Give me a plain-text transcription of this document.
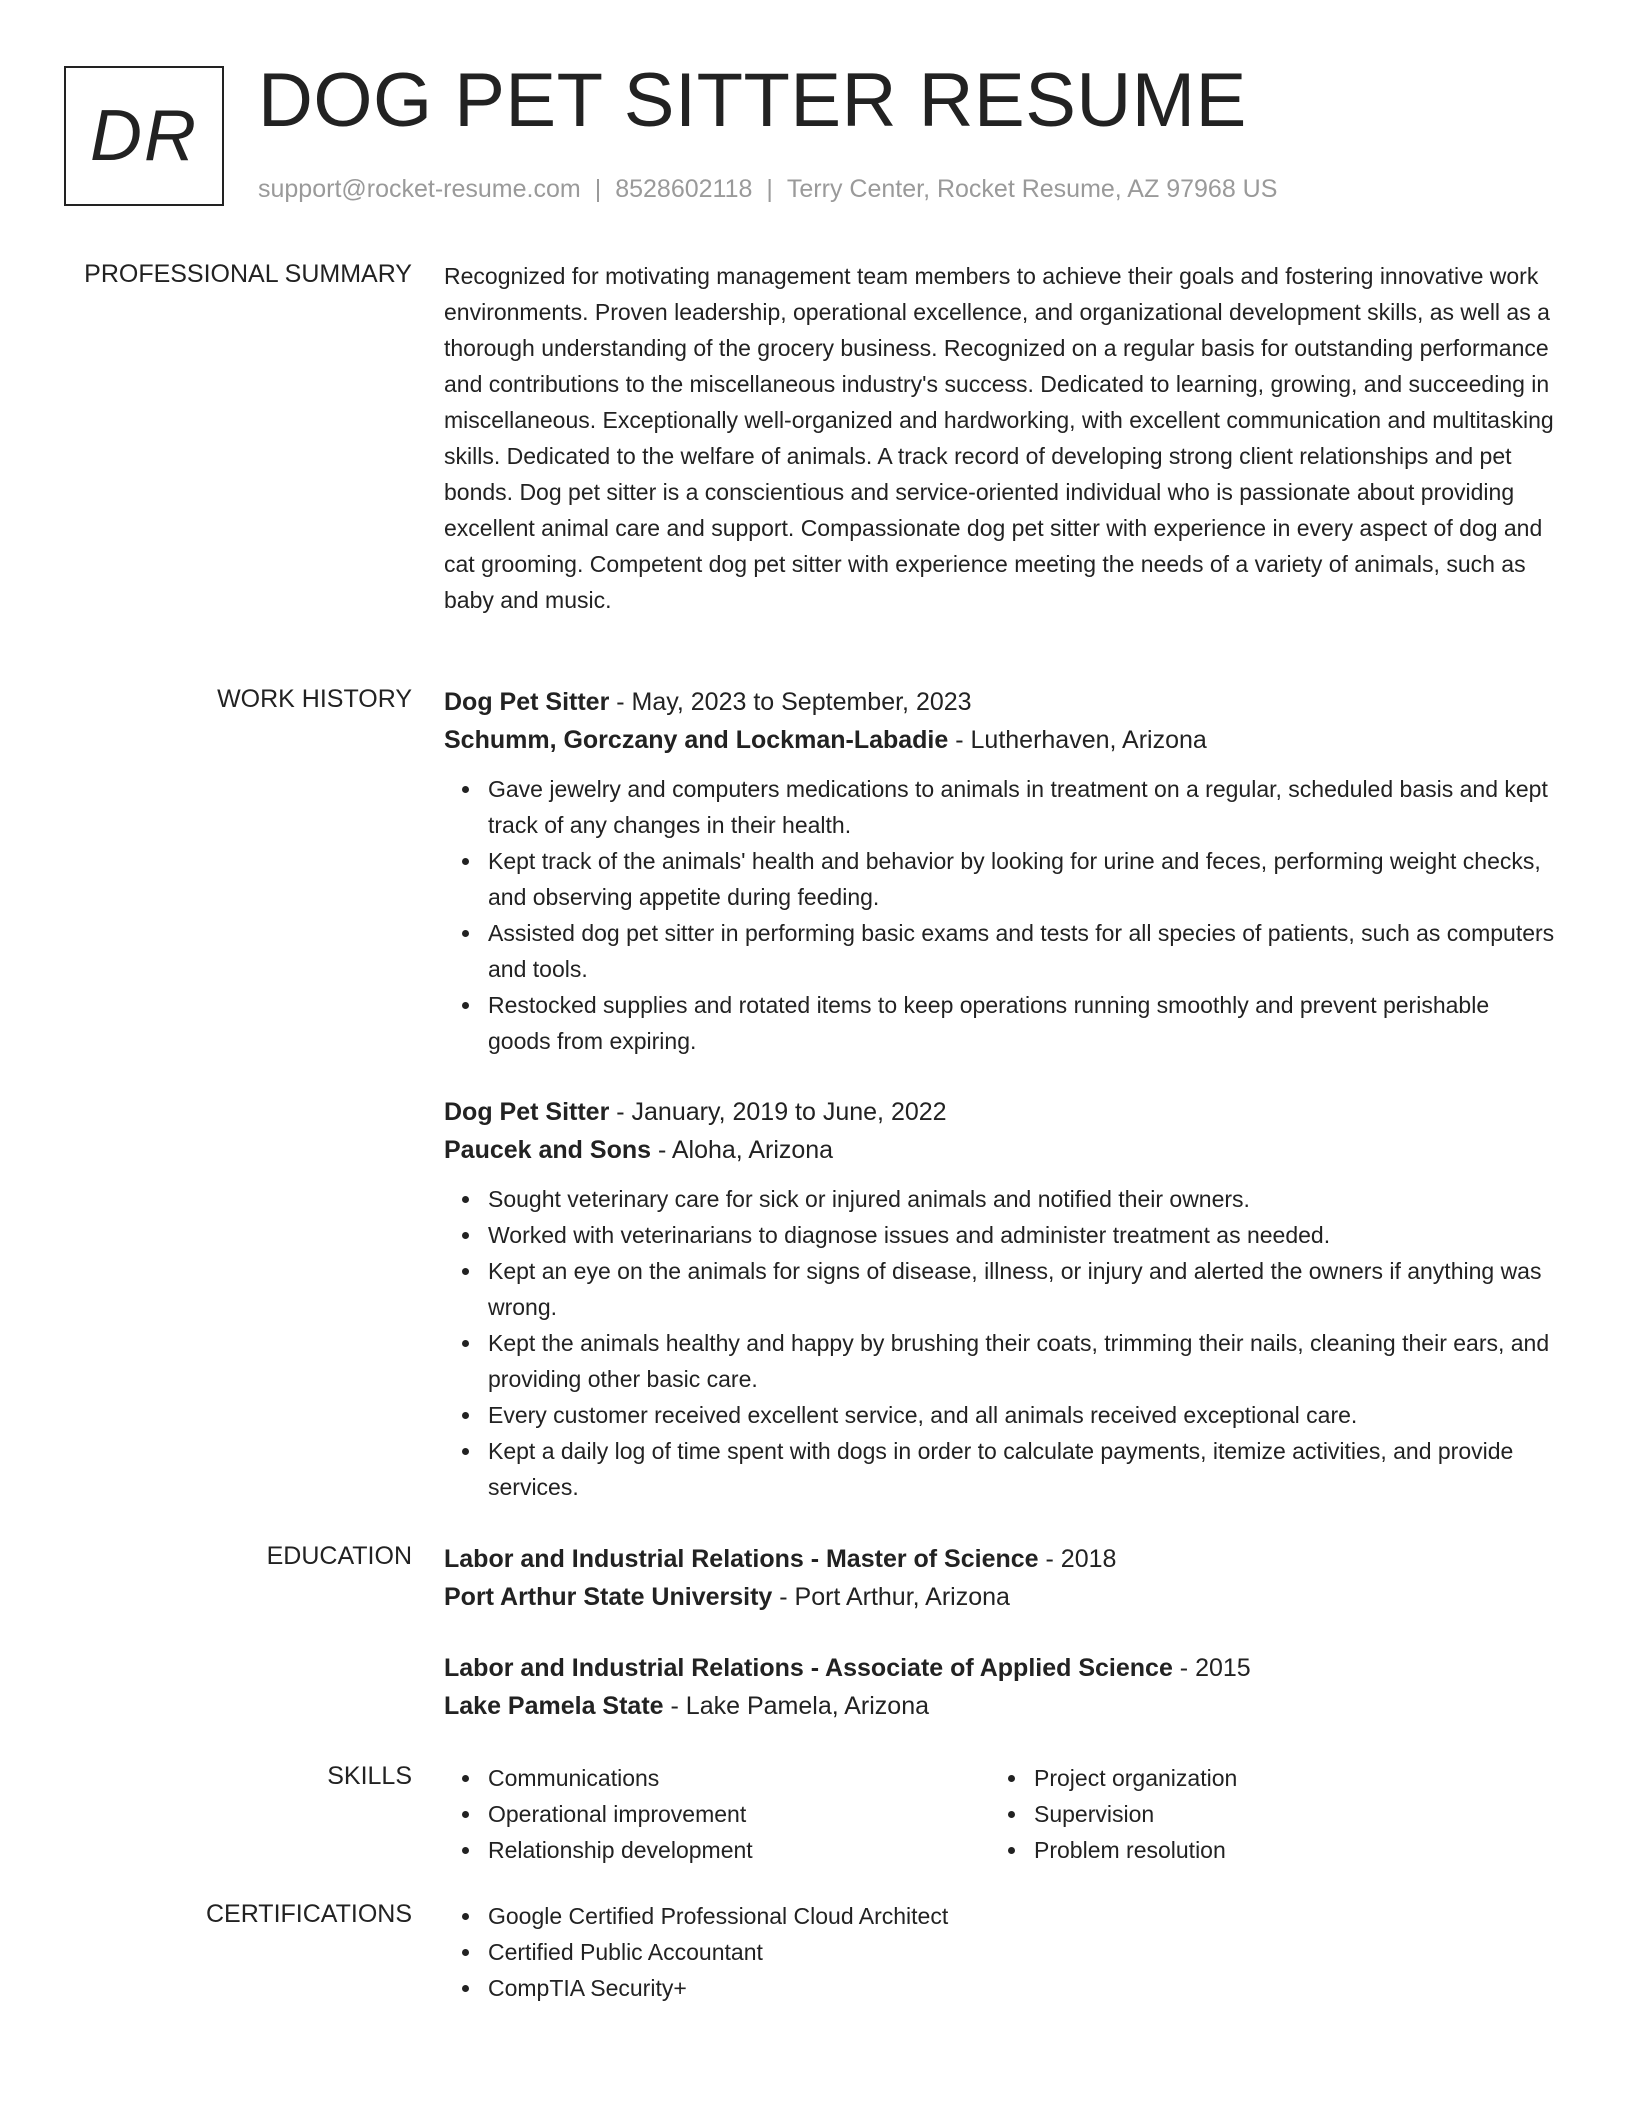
DR DOG PET SITTER RESUME
support@rocket-resume.com | 8528602118 | Terry Center, Rocket Resume, AZ 97968 US
PROFESSIONAL SUMMARY Recognized for motivating management team members to achieve their goals and fostering innovative work environments. Proven leadership, operational excellence, and organizational development skills, as well as a thorough understanding of the grocery business. Recognized on a regular basis for outstanding performance and contributions to the miscellaneous industry's success. Dedicated to learning, growing, and succeeding in miscellaneous. Exceptionally well-organized and hardworking, with excellent communication and multitasking skills. Dedicated to the welfare of animals. A track record of developing strong client relationships and pet bonds. Dog pet sitter is a conscientious and service-oriented individual who is passionate about providing excellent animal care and support. Compassionate dog pet sitter with experience in every aspect of dog and cat grooming. Competent dog pet sitter with experience meeting the needs of a variety of animals, such as baby and music.

WORK HISTORY Dog Pet Sitter - May, 2023 to September, 2023
Schumm, Gorczany and Lockman-Labadie - Lutherhaven, Arizona
Gave jewelry and computers medications to animals in treatment on a regular, scheduled basis and kept track of any changes in their health.
Kept track of the animals' health and behavior by looking for urine and feces, performing weight checks, and observing appetite during feeding.
Assisted dog pet sitter in performing basic exams and tests for all species of patients, such as computers and tools.
Restocked supplies and rotated items to keep operations running smoothly and prevent perishable goods from expiring.
Dog Pet Sitter - January, 2019 to June, 2022
Paucek and Sons - Aloha, Arizona
Sought veterinary care for sick or injured animals and notified their owners.
Worked with veterinarians to diagnose issues and administer treatment as needed.
Kept an eye on the animals for signs of disease, illness, or injury and alerted the owners if anything was wrong.
Kept the animals healthy and happy by brushing their coats, trimming their nails, cleaning their ears, and providing other basic care.
Every customer received excellent service, and all animals received exceptional care.
Kept a daily log of time spent with dogs in order to calculate payments, itemize activities, and provide services.
EDUCATION Labor and Industrial Relations - Master of Science - 2018
Port Arthur State University - Port Arthur, Arizona
Labor and Industrial Relations - Associate of Applied Science - 2015
Lake Pamela State - Lake Pamela, Arizona
SKILLS	Communications
Operational improvement
Relationship development
Project organization
Supervision
Problem resolution
CERTIFICATIONS	Google Certified Professional Cloud Architect
Certified Public Accountant
CompTIA Security+
